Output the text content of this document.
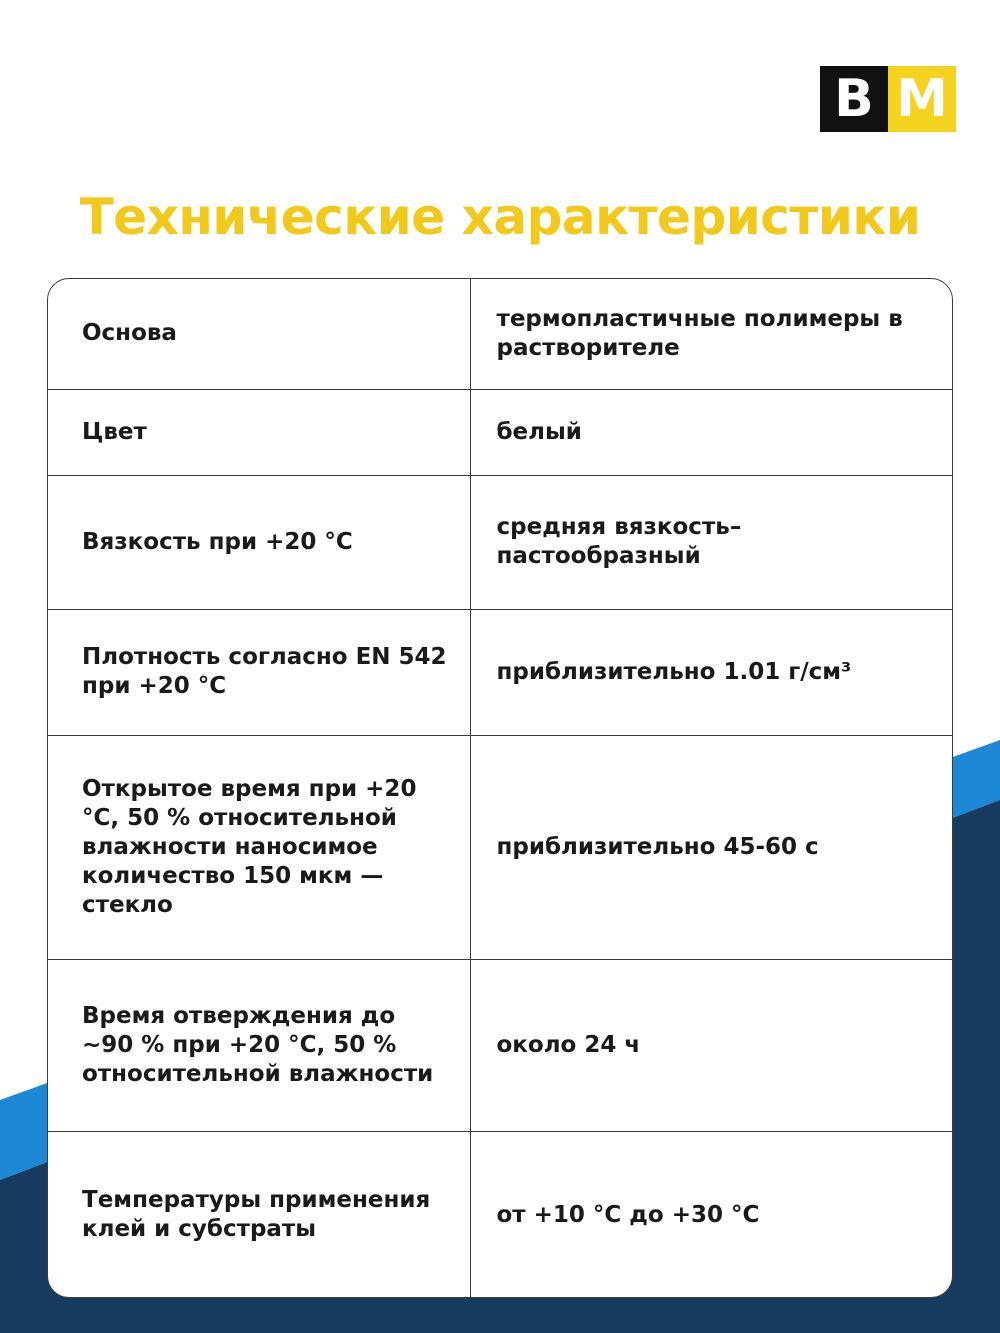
B M
Технические характеристики
Основа	термопластичные полимеры в растворителе
Цвет	белый
Вязкость при +20 °C	средняя вязкость–пастообразный
Плотность согласно EN 542 при +20 °C	приблизительно 1.01 г/см³
Открытое время при +20 °C, 50 % относительной влажности наносимое количество 150 мкм — стекло	приблизительно 45-60 с
Время отверждения до ~90 % при +20 °C, 50 % относительной влажности	около 24 ч
Температуры применения клей и субстраты	от +10 °C до +30 °C
